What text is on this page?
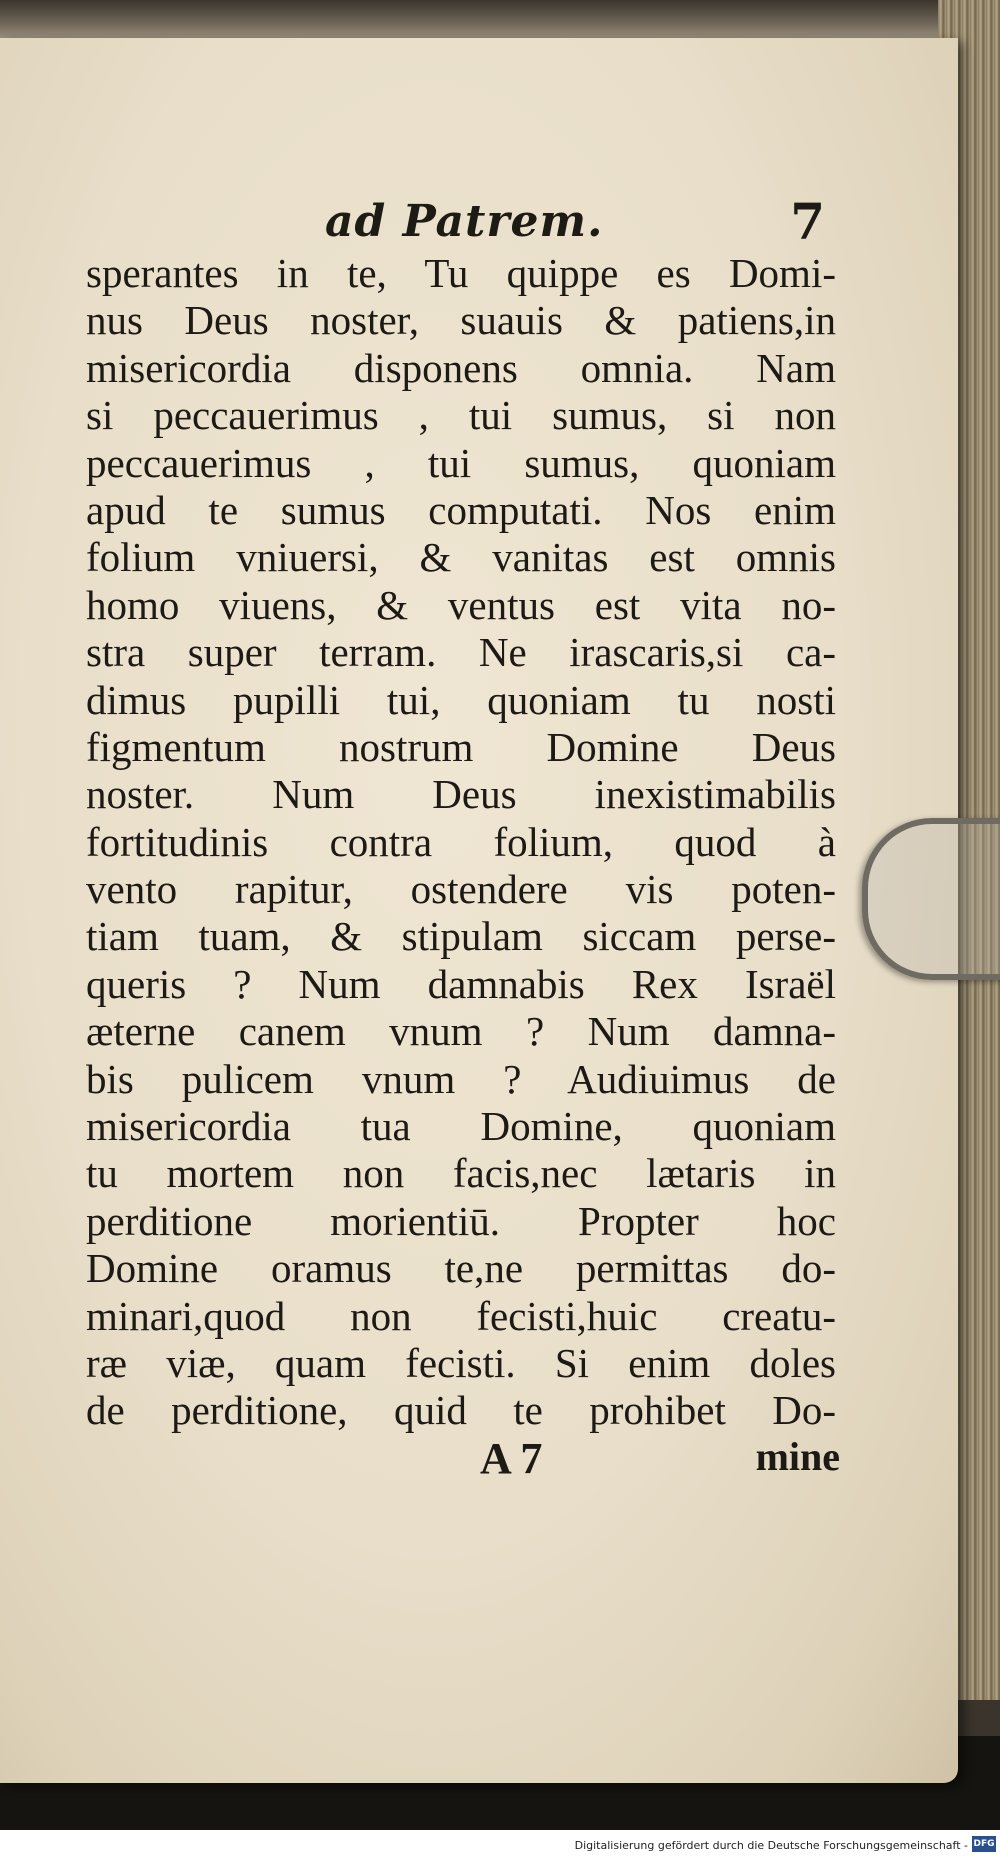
ad Patrem.	7
sperantes in te, Tu quippe es Domi-
nus Deus noster, suauis & patiens,in
misericordia disponens omnia. Nam
si peccauerimus , tui sumus, si non
peccauerimus , tui sumus, quoniam
apud te sumus computati. Nos enim
folium vniuersi, & vanitas est omnis
homo viuens, & ventus est vita no-
stra super terram. Ne irascaris,si ca-
dimus pupilli tui, quoniam tu nosti
figmentum nostrum Domine Deus
noster. Num Deus inexistimabilis
fortitudinis contra folium, quod à
vento rapitur, ostendere vis poten-
tiam tuam, & stipulam siccam perse-
queris ? Num damnabis Rex Israël
æterne canem vnum ? Num damna-
bis pulicem vnum ? Audiuimus de
misericordia tua Domine, quoniam
tu mortem non facis,nec lætaris in
perditione morientiū. Propter hoc
Domine oramus te,ne permittas do-
minari,quod non fecisti,huic creatu-
ræ viæ, quam fecisti. Si enim doles
de perditione, quid te prohibet Do-
A 7	mine
Digitalisierung gefördert durch die Deutsche Forschungsgemeinschaft - DFG
